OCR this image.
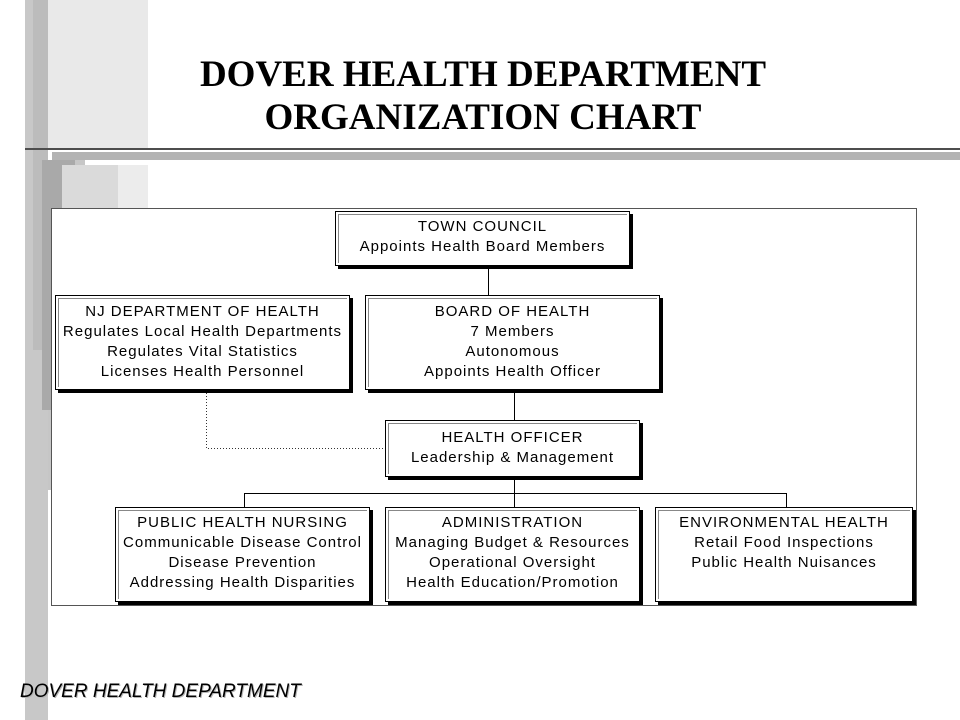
DOVER HEALTH DEPARTMENT
ORGANIZATION CHART
TOWN COUNCIL
Appoints Health Board Members
NJ DEPARTMENT OF HEALTH
Regulates Local Health Departments
Regulates Vital Statistics
Licenses Health Personnel
BOARD OF HEALTH
7 Members
Autonomous
Appoints Health Officer
HEALTH OFFICER
Leadership & Management
PUBLIC HEALTH NURSING
Communicable Disease Control
Disease Prevention
Addressing Health Disparities
ADMINISTRATION
Managing Budget & Resources
Operational Oversight
Health Education/Promotion
ENVIRONMENTAL HEALTH
Retail Food Inspections
Public Health Nuisances
DOVER HEALTH DEPARTMENT
